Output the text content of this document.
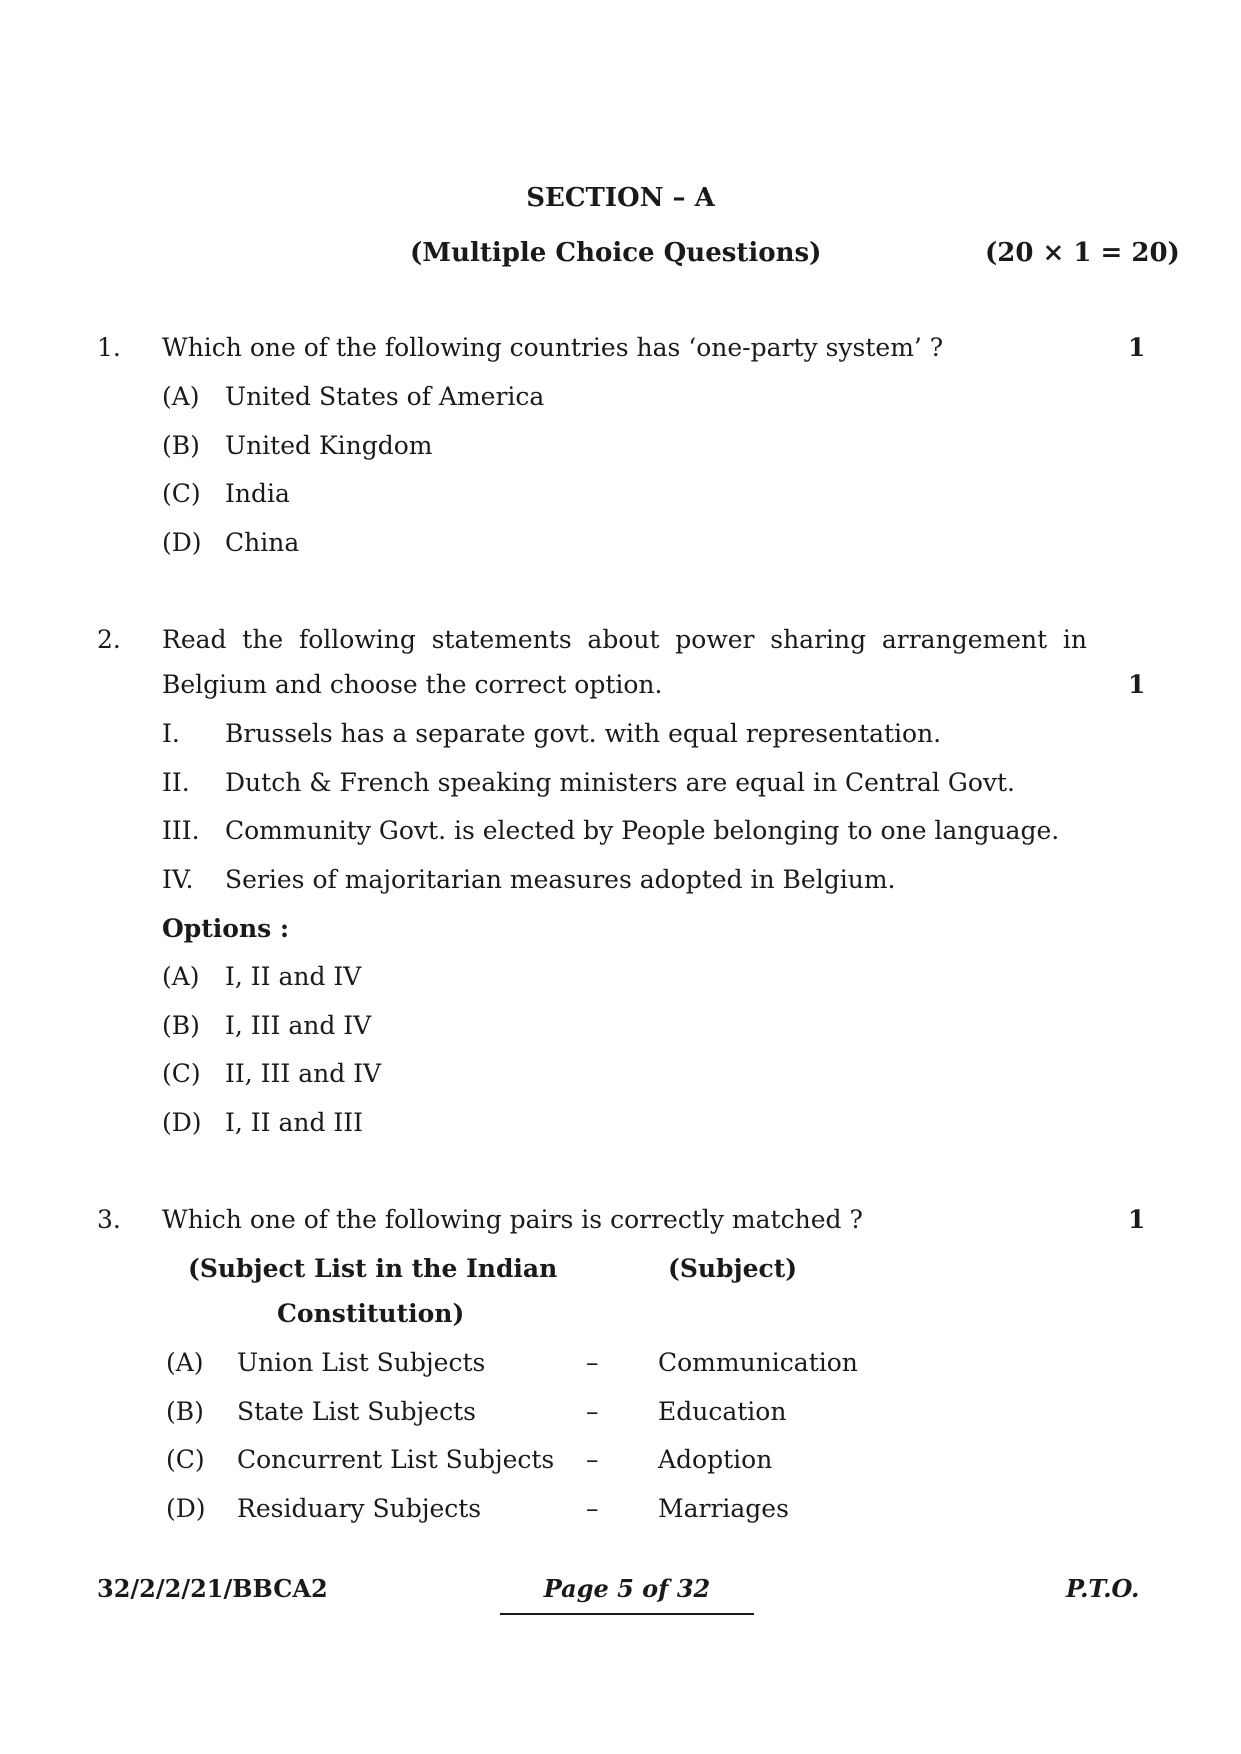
SECTION – A
(Multiple Choice Questions)	(20 × 1 = 20)
1. Which one of the following countries has ‘one-party system’ ?	1
(A) United States of America
(B) United Kingdom
(C) India
(D) China
2. Read the following statements about power sharing arrangement in
Belgium and choose the correct option.	1
I. Brussels has a separate govt. with equal representation.
II. Dutch & French speaking ministers are equal in Central Govt.
III. Community Govt. is elected by People belonging to one language.
IV. Series of majoritarian measures adopted in Belgium.
Options :
(A) I, II and IV
(B) I, III and IV
(C) II, III and IV
(D) I, II and III
3. Which one of the following pairs is correctly matched ?	1
(Subject List in the Indian
Constitution)
(Subject)
(A) Union List Subjects	– Communication
(B) State List Subjects	– Education
(C) Concurrent List Subjects – Adoption
(D) Residuary Subjects	– Marriages
32/2/2/21/BBCA2	Page 5 of 32	P.T.O.
